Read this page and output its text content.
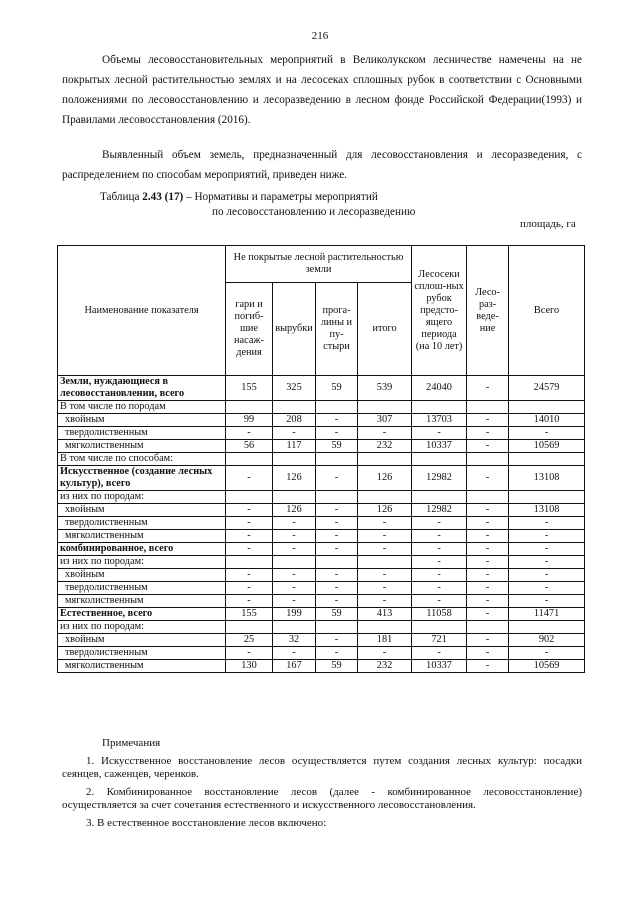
216

Объемы лесовосстановительных мероприятий в Великолукском лесничестве намечены на не покрытых лесной растительностью землях и на лесосеках сплошных рубок в соответствии с Основными положениями по лесовосстановлению и лесоразведению в лесном фонде Российской Федерации(1993) и Правилами лесовосстановления (2016).

Выявленный объем земель, предназначенный для лесовосстановления и лесоразведения, с распределением по способам мероприятий, приведен ниже.

Таблица 2.43 (17) – Нормативы и параметры мероприятий
по лесовосстановлению и лесоразведению
площадь, га
Наименование показателя	Не покрытые лесной растительностью земли				Лесосеки сплош-ных рубок предсто-ящего периода (на 10 лет)	Лесо-раз-веде-ние	Всего
	гари и погиб-шие насаж-дения	вырубки	прога-лины и пу-стыри	итого			
Земли, нуждающиеся в лесовосстановлении, всего	155	325	59	539	24040	-	24579
В том числе по породам							
хвойным	99	208	-	307	13703	-	14010
твердолиственным	-	-	-	-	-	-	-
мягколиственным	56	117	59	232	10337	-	10569
В том числе по способам:							
Искусственное (создание лесных культур), всего	-	126	-	126	12982	-	13108
из них по породам:							
хвойным	-	126	-	126	12982	-	13108
твердолиственным	-	-	-	-	-	-	-
мягколиственным	-	-	-	-	-	-	-
комбинированное, всего	-	-	-	-	-	-	-
из них по породам:					-	-	-
хвойным	-	-	-	-	-	-	-
твердолиственным	-	-	-	-	-	-	-
мягколиственным	-	-	-	-	-	-	-
Естественное, всего	155	199	59	413	11058	-	11471
из них по породам:							
хвойным	25	32	-	181	721	-	902
твердолиственным	-	-	-	-	-	-	-
мягколиственным	130	167	59	232	10337	-	10569
Примечания
1. Искусственное восстановление лесов осуществляется путем создания лесных культур: посадки сеянцев, саженцев, черенков.
2. Комбинированное восстановление лесов (далее - комбинированное лесовосстановление) осуществляется за счет сочетания естественного и искусственного лесовосстановления.
3. В естественное восстановление лесов включено:
